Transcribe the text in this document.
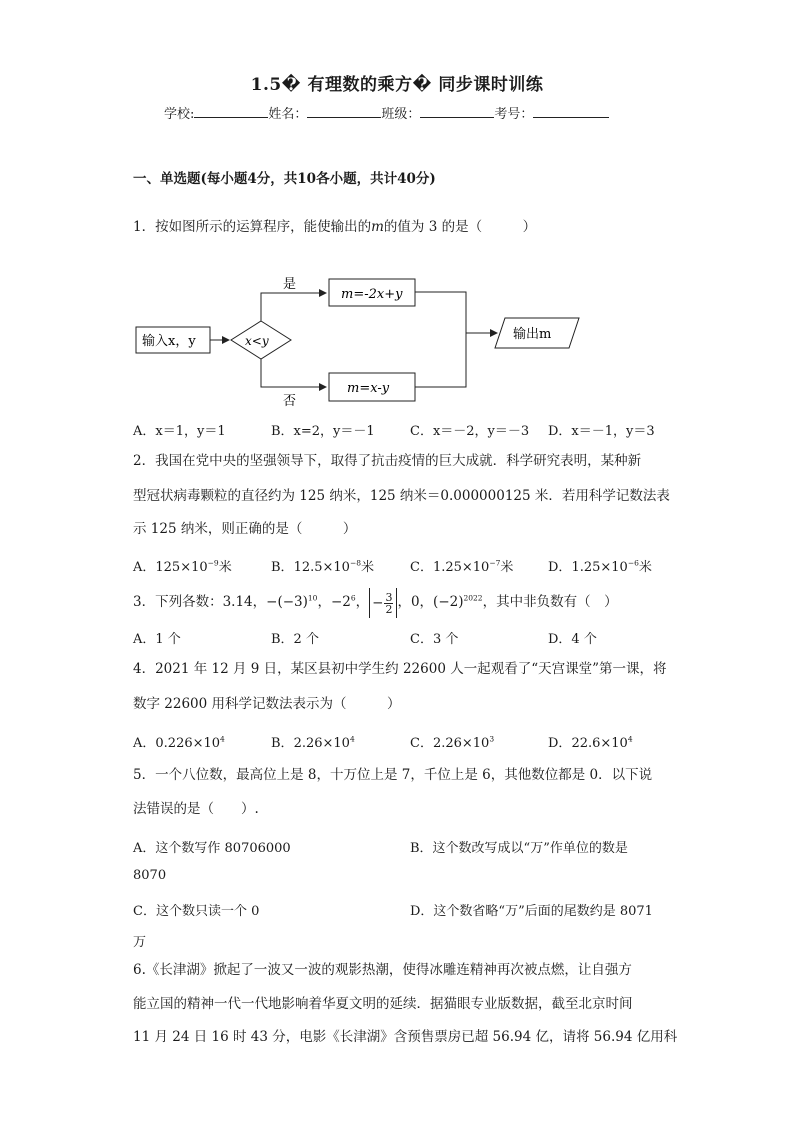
1.5� 有理数的乘方� 同步课时训练
学校:	姓名：	班级：	考号：
一、单选题(每小题4分，共10各小题，共计40分)
1．按如图所示的运算程序，能使输出的m的值为 3 的是（　　　）
输入x，y	x<y
是
m=-2x+y
否
m=x-y
输出m
A．x＝1，y＝1	B．x=2，y＝－1	C．x＝－2，y＝－3 D．x＝－1，y＝3
2．我国在党中央的坚强领导下，取得了抗击疫情的巨大成就．科学研究表明，某种新
型冠状病毒颗粒的直径约为 125 纳米，125 纳米＝0.000000125 米．若用科学记数法表
示 125 纳米，则正确的是（　　　）
A．$125\times 10^{-9}$米	B．$12.5\times 10^{-8}$米	C．$1.25\times 10^{-7}$米	D．$1.25\times 10^{-6}$米
3．下列各数：3.14，$-(-3)^{10}$，$-2^6$， − $\frac{3}{2}$ ，0，$(-2)^{2022}$，其中非负数有（　）
A．1 个	B．2 个	C．3 个	D．4 个
4．2021 年 12 月 9 日，某区县初中学生约 22600 人一起观看了“天宫课堂”第一课，将
数字 22600 用科学记数法表示为（　　　）
A．$0.226\times 10^4$	B．$2.26\times 10^4$	C．$2.26\times 10^3$	D．$22.6\times 10^4$
5．一个八位数，最高位上是 8，十万位上是 7，千位上是 6，其他数位都是 0．以下说
法错误的是（　　）.
A．这个数写作 80706000	B．这个数改写成以“万”作单位的数是
8070
C．这个数只读一个 0	D．这个数省略“万”后面的尾数约是 8071
万
6.《长津湖》掀起了一波又一波的观影热潮，使得冰雕连精神再次被点燃，让自强方
能立国的精神一代一代地影响着华夏文明的延续．据猫眼专业版数据，截至北京时间
11 月 24 日 16 时 43 分，电影《长津湖》含预售票房已超 56.94 亿，请将 56.94 亿用科
